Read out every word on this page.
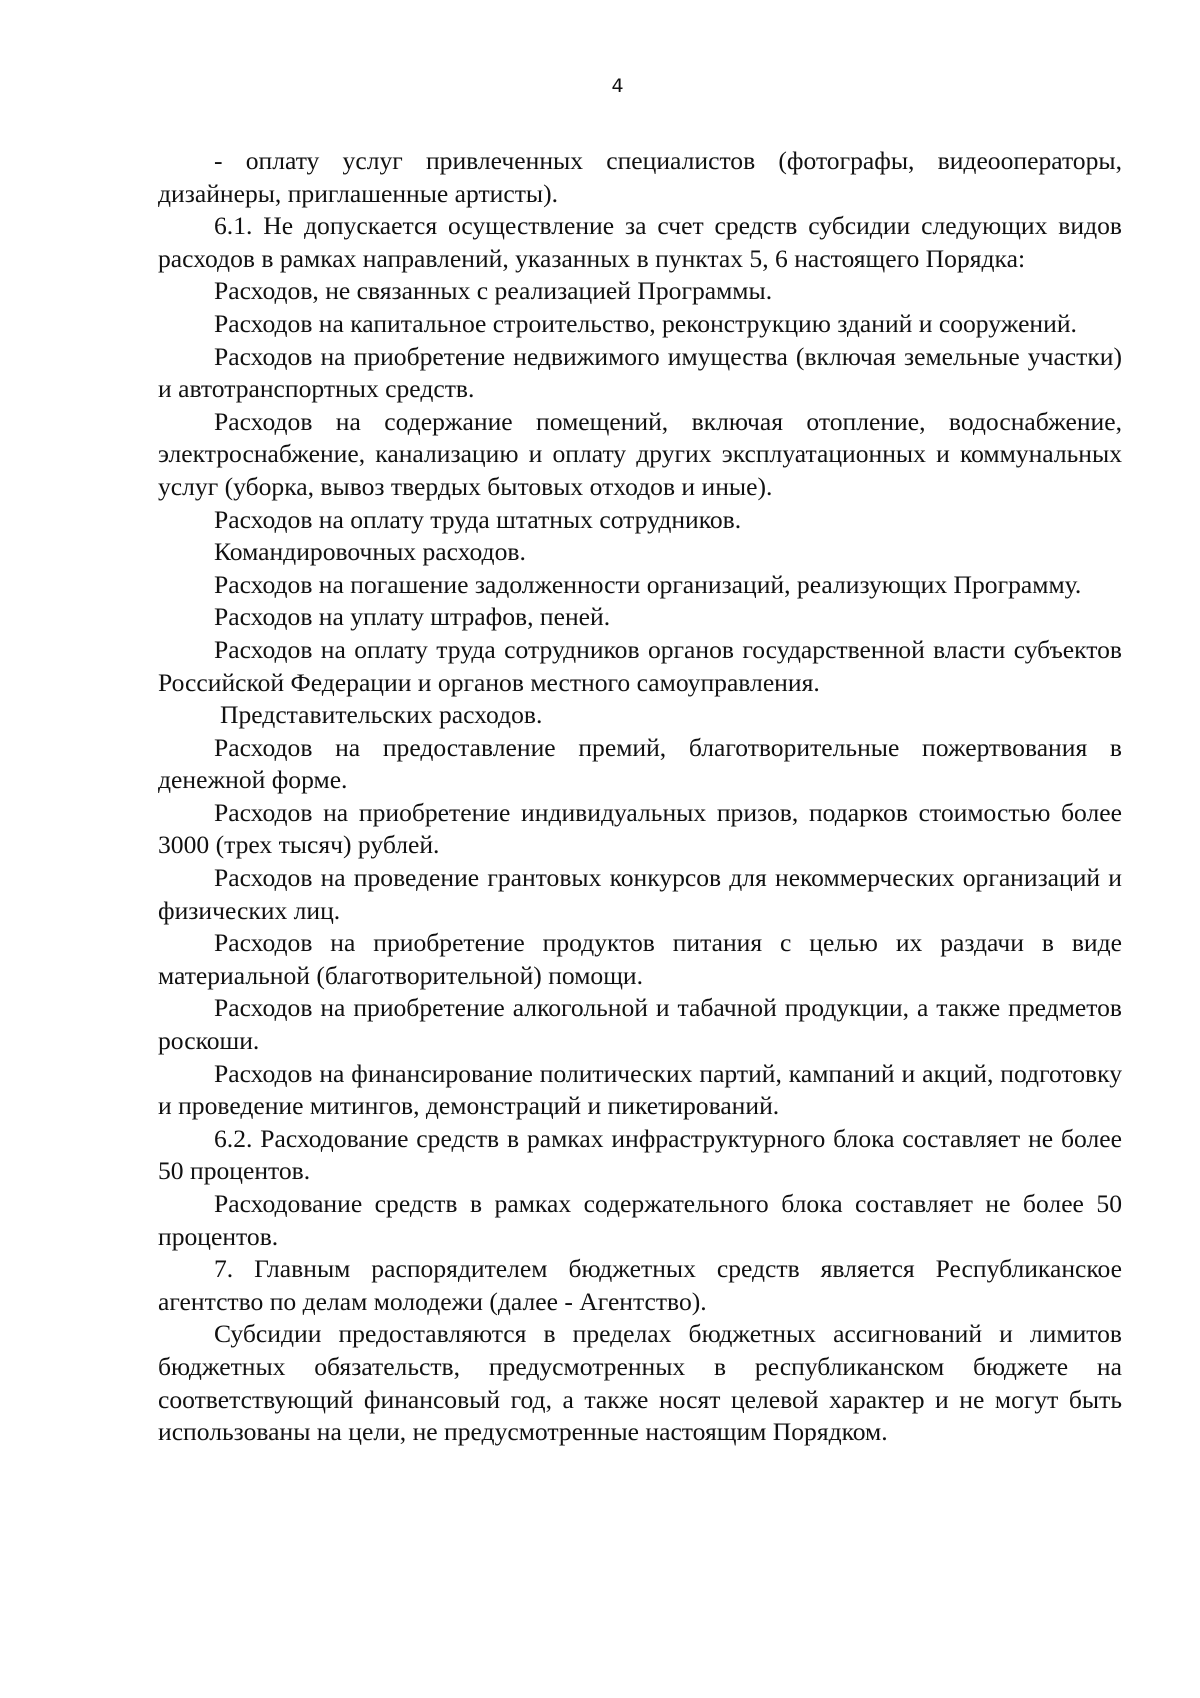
4

- оплату услуг привлеченных специалистов (фотографы, видеооператоры, дизайнеры, приглашенные артисты).

6.1. Не допускается осуществление за счет средств субсидии следующих видов расходов в рамках направлений, указанных в пунктах 5, 6 настоящего Порядка:

Расходов, не связанных с реализацией Программы.

Расходов на капитальное строительство, реконструкцию зданий и сооружений.

Расходов на приобретение недвижимого имущества (включая земельные участки) и автотранспортных средств.

Расходов на содержание помещений, включая отопление, водоснабжение, электроснабжение, канализацию и оплату других эксплуатационных и коммунальных услуг (уборка, вывоз твердых бытовых отходов и иные).

Расходов на оплату труда штатных сотрудников.

Командировочных расходов.

Расходов на погашение задолженности организаций, реализующих Программу.

Расходов на уплату штрафов, пеней.

Расходов на оплату труда сотрудников органов государственной власти субъектов Российской Федерации и органов местного самоуправления.

Представительских расходов.

Расходов на предоставление премий, благотворительные пожертвования в денежной форме.

Расходов на приобретение индивидуальных призов, подарков стоимостью более 3000 (трех тысяч) рублей.

Расходов на проведение грантовых конкурсов для некоммерческих организаций и физических лиц.

Расходов на приобретение продуктов питания с целью их раздачи в виде материальной (благотворительной) помощи.

Расходов на приобретение алкогольной и табачной продукции, а также предметов роскоши.

Расходов на финансирование политических партий, кампаний и акций, подготовку и проведение митингов, демонстраций и пикетирований.

6.2. Расходование средств в рамках инфраструктурного блока составляет не более 50 процентов.

Расходование средств в рамках содержательного блока составляет не более 50 процентов.

7. Главным распорядителем бюджетных средств является Республиканское агентство по делам молодежи (далее - Агентство).

Субсидии предоставляются в пределах бюджетных ассигнований и лимитов бюджетных обязательств, предусмотренных в республиканском бюджете на соответствующий финансовый год, а также носят целевой характер и не могут быть использованы на цели, не предусмотренные настоящим Порядком.
